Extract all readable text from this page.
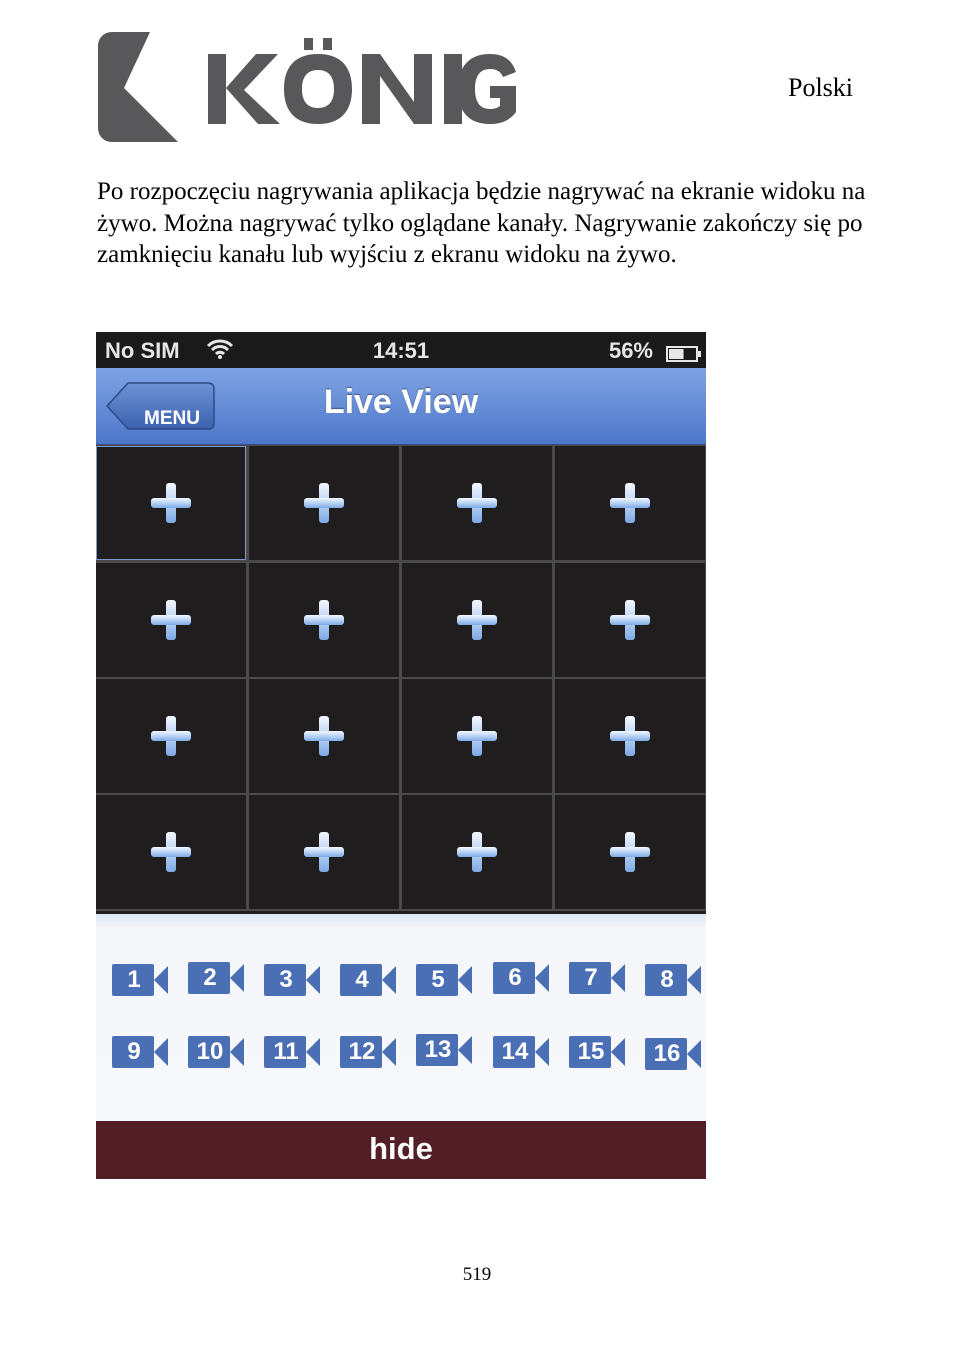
Polski

Po rozpoczęciu nagrywania aplikacja będzie nagrywać na ekranie widoku na żywo. Można nagrywać tylko oglądane kanały. Nagrywanie zakończy się po zamknięciu kanału lub wyjściu z ekranu widoku na żywo.

No SIM	14:51	56%
MENU	Live View
1	2	3	4	5	6	7	8
9	10	11	12	13	14	15	16
hide
519
